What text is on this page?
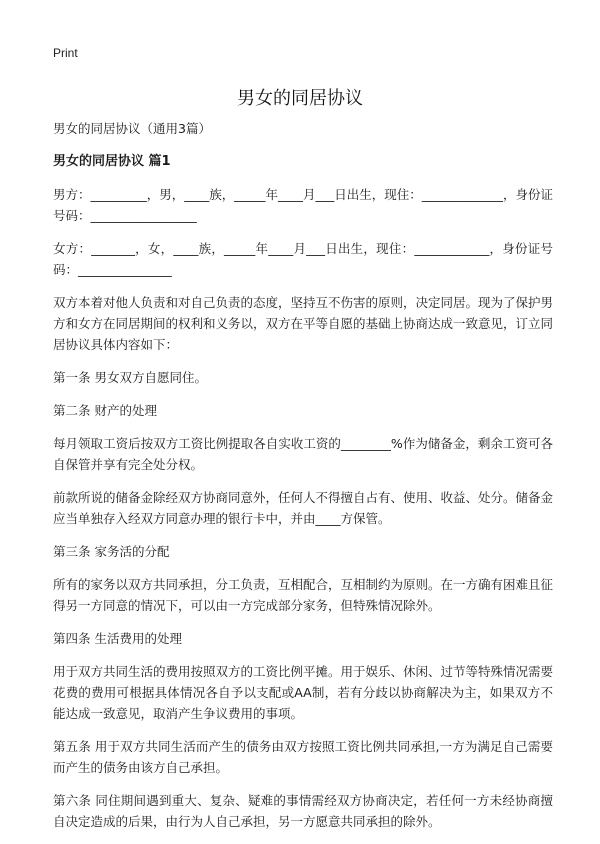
Print
男女的同居协议

男女的同居协议（通用3篇）

男女的同居协议 篇1

男方：_________，男，____族，_____年____月___日出生，现住：_____________，身份证号码：_________________

女方：_______，女，____族，_____年____月___日出生，现住：____________，身份证号码：_______________

双方本着对他人负责和对自己负责的态度，坚持互不伤害的原则，决定同居。现为了保护男方和女方在同居期间的权利和义务以，双方在平等自愿的基础上协商达成一致意见，订立同居协议具体内容如下：

第一条 男女双方自愿同住。

第二条 财产的处理

每月领取工资后按双方工资比例提取各自实收工资的________%作为储备金，剩余工资可各自保管并享有完全处分权。

前款所说的储备金除经双方协商同意外，任何人不得擅自占有、使用、收益、处分。储备金应当单独存入经双方同意办理的银行卡中，并由____方保管。

第三条 家务活的分配

所有的家务以双方共同承担，分工负责，互相配合，互相制约为原则。在一方确有困难且征得另一方同意的情况下，可以由一方完成部分家务，但特殊情况除外。

第四条 生活费用的处理

用于双方共同生活的费用按照双方的工资比例平摊。用于娱乐、休闲、过节等特殊情况需要花费的费用可根据具体情况各自予以支配或AA制，若有分歧以协商解决为主，如果双方不能达成一致意见，取消产生争议费用的事项。

第五条 用于双方共同生活而产生的债务由双方按照工资比例共同承担,一方为满足自己需要而产生的债务由该方自己承担。

第六条 同住期间遇到重大、复杂、疑难的事情需经双方协商决定，若任何一方未经协商擅自决定造成的后果，由行为人自己承担，另一方愿意共同承担的除外。
